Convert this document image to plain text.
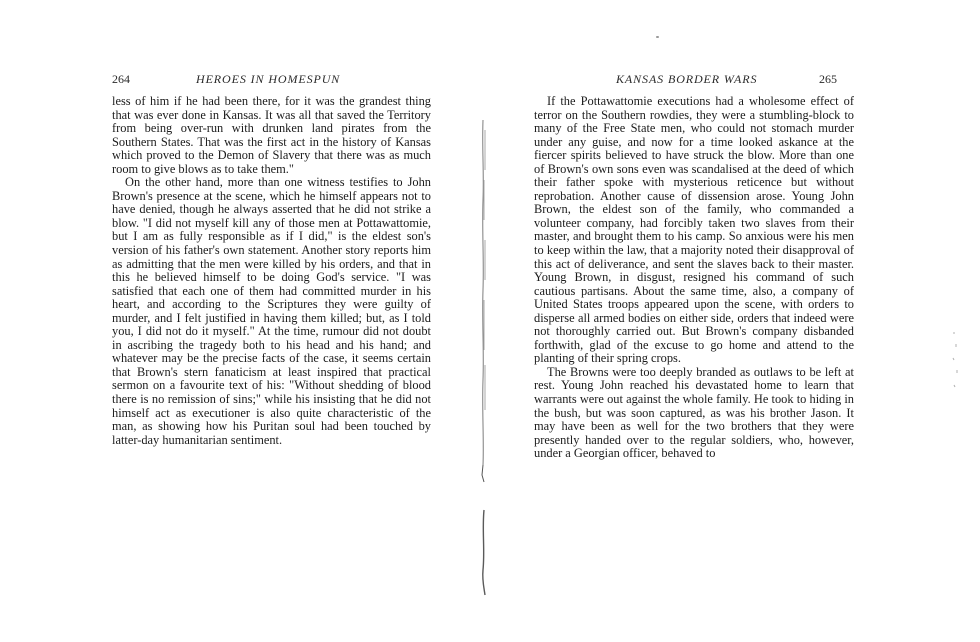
264	HEROES IN HOMESPUN

less of him if he had been there, for it was the grandest thing that was ever done in Kansas. It was all that saved the Territory from being over-run with drunken land pirates from the Southern States. That was the first act in the history of Kansas which proved to the Demon of Slavery that there was as much room to give blows as to take them."

On the other hand, more than one witness testifies to John Brown's presence at the scene, which he himself appears not to have denied, though he always asserted that he did not strike a blow. "I did not myself kill any of those men at Pottawattomie, but I am as fully responsible as if I did," is the eldest son's version of his father's own statement. Another story reports him as admitting that the men were killed by his orders, and that in this he believed himself to be doing God's service. "I was satisfied that each one of them had committed murder in his heart, and according to the Scriptures they were guilty of murder, and I felt justified in having them killed; but, as I told you, I did not do it myself." At the time, rumour did not doubt in ascribing the tragedy both to his head and his hand; and whatever may be the precise facts of the case, it seems certain that Brown's stern fanaticism at least inspired that practical sermon on a favourite text of his: "Without shedding of blood there is no remission of sins;" while his insisting that he did not himself act as executioner is also quite characteristic of the man, as showing how his Puritan soul had been touched by latter-day humanitarian sentiment.

KANSAS BORDER WARS	265

If the Pottawattomie executions had a wholesome effect of terror on the Southern rowdies, they were a stumbling-block to many of the Free State men, who could not stomach murder under any guise, and now for a time looked askance at the fiercer spirits believed to have struck the blow. More than one of Brown's own sons even was scandalised at the deed of which their father spoke with mysterious reticence but without reprobation. Another cause of dissension arose. Young John Brown, the eldest son of the family, who commanded a volunteer company, had forcibly taken two slaves from their master, and brought them to his camp. So anxious were his men to keep within the law, that a majority noted their disapproval of this act of deliverance, and sent the slaves back to their master. Young Brown, in disgust, resigned his command of such cautious partisans. About the same time, also, a company of United States troops appeared upon the scene, with orders to disperse all armed bodies on either side, orders that indeed were not thoroughly carried out. But Brown's company disbanded forthwith, glad of the excuse to go home and attend to the planting of their spring crops.

The Browns were too deeply branded as outlaws to be left at rest. Young John reached his devastated home to learn that warrants were out against the whole family. He took to hiding in the bush, but was soon captured, as was his brother Jason. It may have been as well for the two brothers that they were presently handed over to the regular soldiers, who, however, under a Georgian officer, behaved to
